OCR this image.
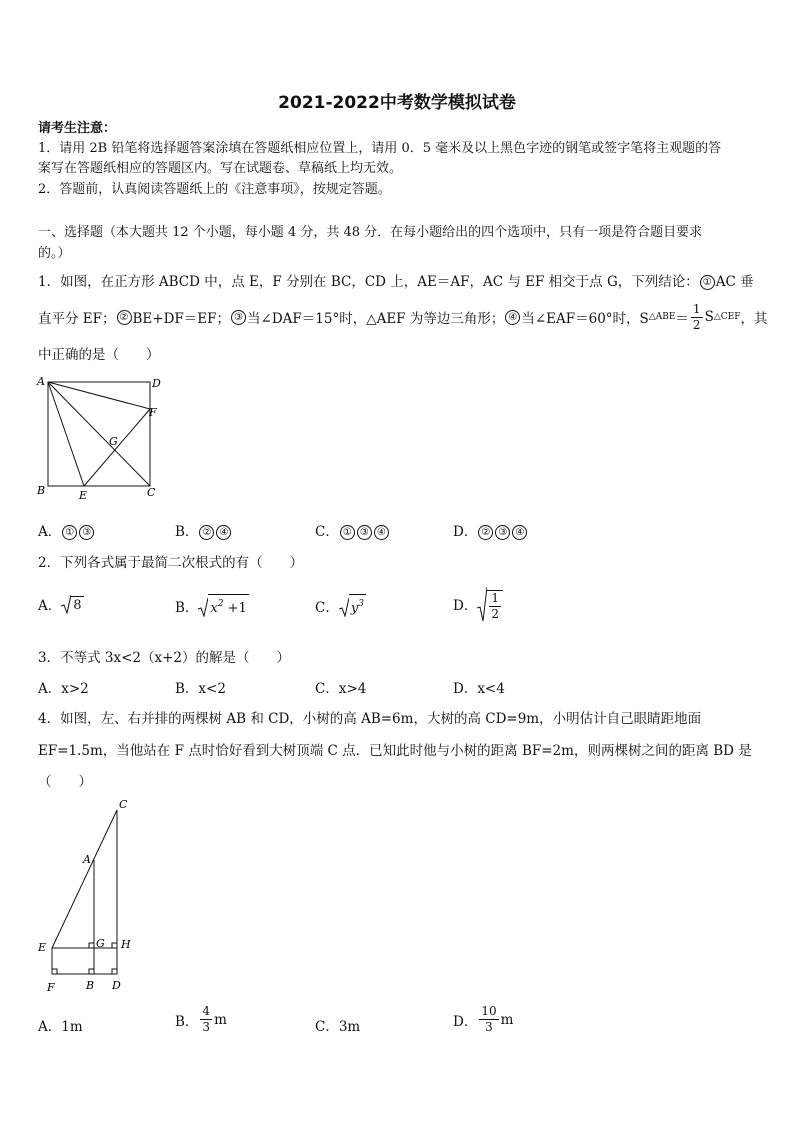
2021-2022中考数学模拟试卷
请考生注意：
1．请用 2B 铅笔将选择题答案涂填在答题纸相应位置上，请用 0．5 毫米及以上黑色字迹的钢笔或签字笔将主观题的答
案写在答题纸相应的答题区内。写在试题卷、草稿纸上均无效。
2．答题前，认真阅读答题纸上的《注意事项》，按规定答题。
一、选择题（本大题共 12 个小题，每小题 4 分，共 48 分．在每小题给出的四个选项中，只有一项是符合题目要求
的。）
1．如图，在正方形 ABCD 中，点 E，F 分别在 BC，CD 上，AE＝AF，AC 与 EF 相交于点 G，下列结论： ① AC 垂
直平分 EF； ② BE+DF＝EF； ③ 当∠DAF＝15°时，△AEF 为等边三角形； ④ 当∠EAF＝60°时，S △ABE ＝ $\frac{1}{2}$ S △CEF ，其
中正确的是（　　）
A	D
F
G
B	E	C
A． ① ③	B． ② ④	C． ① ③ ④	D． ② ③ ④
2．下列各式属于最简二次根式的有（　　）
A． 8	B． $x^2 +1$	C． $y^3$	D． $\frac{1}{2}$
3．不等式 3x<2（x+2）的解是（　　）
A．x>2	B．x<2	C．x>4	D．x<4
4．如图，左、右并排的两棵树 AB 和 CD，小树的高 AB=6m，大树的高 CD=9m，小明估计自己眼睛距地面
EF=1.5m，当他站在 F 点时恰好看到大树顶端 C 点．已知此时他与小树的距离 BF=2m，则两棵树之间的距离 BD 是
（　　）
C
A
E	G H
F	B D
A．1m	B． $\frac{4}{3}$ m	C．3m	D． $\frac{10}{3}$ m
